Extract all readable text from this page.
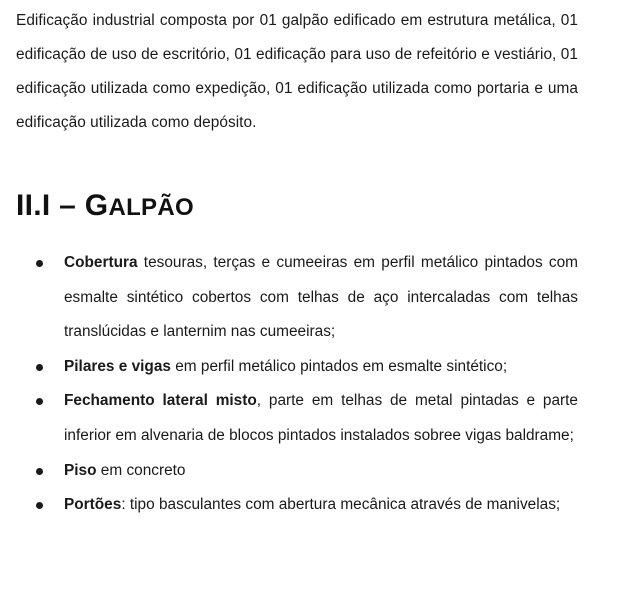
Edificação industrial composta por 01 galpão edificado em estrutura metálica, 01 edificação de uso de escritório, 01 edificação para uso de refeitório e vestiário, 01 edificação utilizada como expedição, 01 edificação utilizada como portaria e uma edificação utilizada como depósito.

II.I – GALPÃO
Cobertura tesouras, terças e cumeeiras em perfil metálico pintados com esmalte sintético cobertos com telhas de aço intercaladas com telhas translúcidas e lanternim nas cumeeiras;
Pilares e vigas em perfil metálico pintados em esmalte sintético;
Fechamento lateral misto, parte em telhas de metal pintadas e parte inferior em alvenaria de blocos pintados instalados sobree vigas baldrame;
Piso em concreto
Portões: tipo basculantes com abertura mecânica através de manivelas;
